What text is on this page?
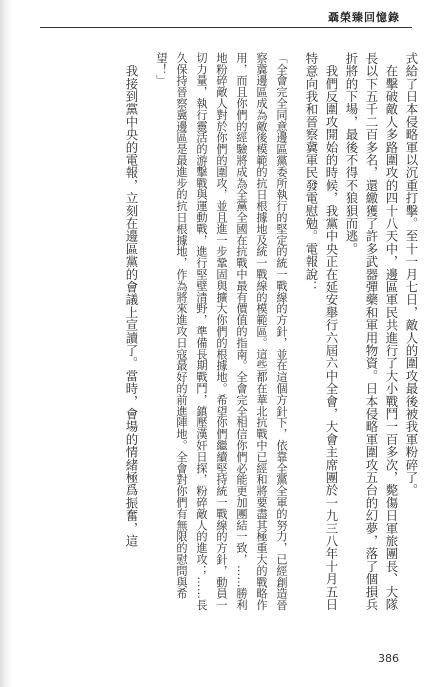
聶榮臻回憶錄

式給了日本侵略軍以沉重打擊。至十一月七日，敵人的圍攻最後被我軍粉碎了。

　在擊破敵人多路圍攻的四十八天中，邊區軍民共進行了大小戰鬥一百多次，斃傷日軍旅團長、大隊長以下五千二百多名，還繳獲了許多武器彈藥和軍用物資。日本侵略軍圍攻五台的幻夢，落了個損兵折將的下場，最後不得不狼狽而逃。

　我們反圍攻開始的時候，我黨中央正在延安舉行六屆六中全會，大會主席團於一九三八年十月五日特意向我和晉察冀軍民發電慰勉。電報說：

「全會完全同意邊區黨委所執行的堅定的統一戰線的方針，並在這個方針下，依靠全黨全軍的努力，已經創造晉察冀邊區成為敵後模範的抗日根據地及統一戰線的模範區。這些都在華北抗戰中已經和將要盡其極重大的戰略作用，而且你們的經驗將成為全黨全國在抗戰中最有價值的指南。全會完全相信你們必能更加團結一致，……勝利地粉碎敵人對於你們的圍攻，並且進一步鞏固與擴大你們的根據地。希望你們繼續堅持統一戰線的方針，動員一切力量，執行靈活的游擊戰與運動戰，進行堅壁清野，準備長期戰鬥，鎮壓漢奸日探，粉碎敵人的進攻；……長久保持晉察冀邊區是最進步的抗日根據地，作為將來進攻日寇最好的前進陣地。全會對你們有無限的慰問與希望！」

　我接到黨中央的電報，立刻在邊區黨的會議上宣讀了。當時，會場的情緒極爲振奮，這

386
